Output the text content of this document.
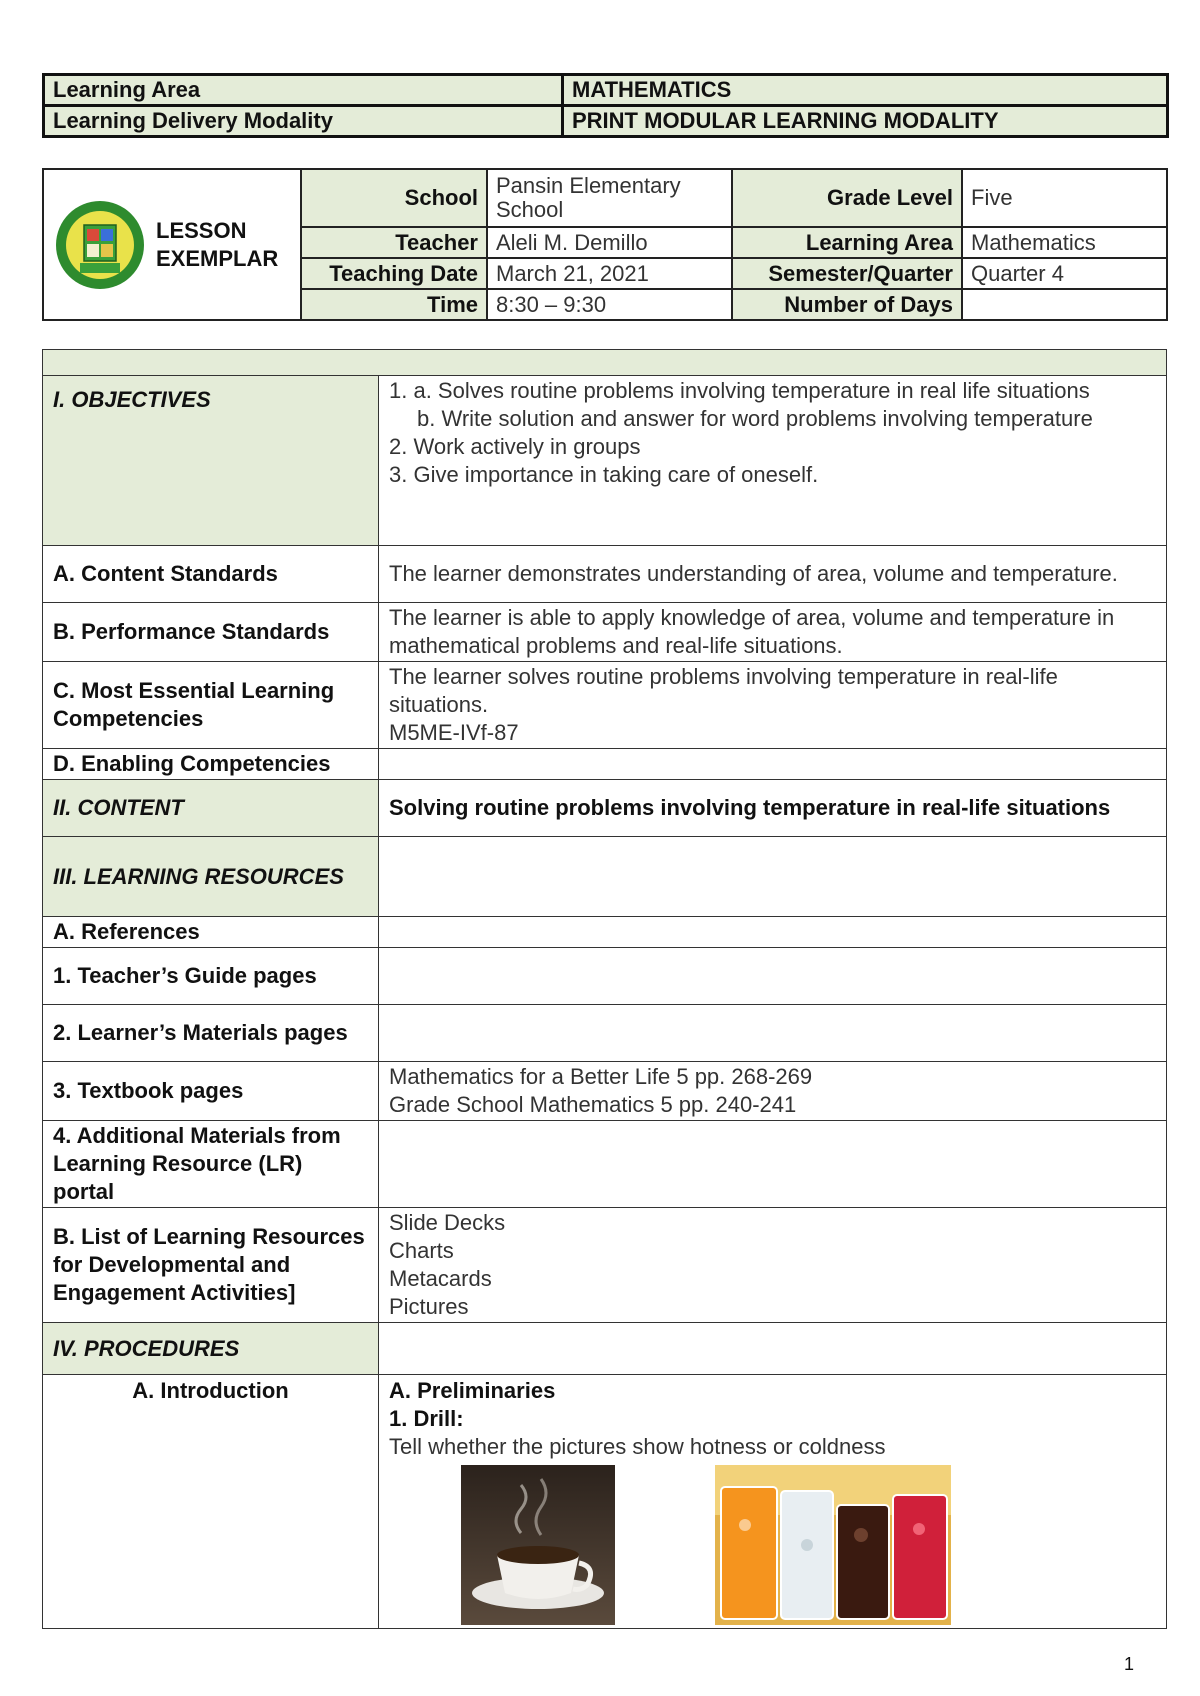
Learning Area	MATHEMATICS
Learning Delivery Modality	PRINT MODULAR LEARNING MODALITY
LESSON
EXEMPLAR	School	Pansin Elementary School	Grade Level	Five
	Teacher	Aleli M. Demillo	Learning Area	Mathematics
	Teaching Date	March 21, 2021	Semester/Quarter	Quarter 4
	Time	8:30 – 9:30	Number of Days	

I. OBJECTIVES	1. a. Solves routine problems involving temperature in real life situations
b. Write solution and answer for word problems involving temperature
2. Work actively in groups
3. Give importance in taking care of oneself.

A. Content Standards	The learner demonstrates understanding of area, volume and temperature.
B. Performance Standards	The learner is able to apply knowledge of area, volume and temperature in mathematical problems and real-life situations.
C. Most Essential Learning Competencies	The learner solves routine problems involving temperature in real-life situations.
M5ME-IVf-87

D. Enabling Competencies	
II. CONTENT	Solving routine problems involving temperature in real-life situations
III. LEARNING RESOURCES	
A. References	
1. Teacher’s Guide pages	
2. Learner’s Materials pages	
3. Textbook pages	Mathematics for a Better Life 5 pp. 268-269
Grade School Mathematics 5 pp. 240-241

4. Additional Materials from Learning Resource (LR) portal	
B. List of Learning Resources for Developmental and Engagement Activities]	Slide Decks
Charts
Metacards
Pictures

IV. PROCEDURES	
A. Introduction	A. Preliminaries
1. Drill:
Tell whether the pictures show hotness or coldness

1
